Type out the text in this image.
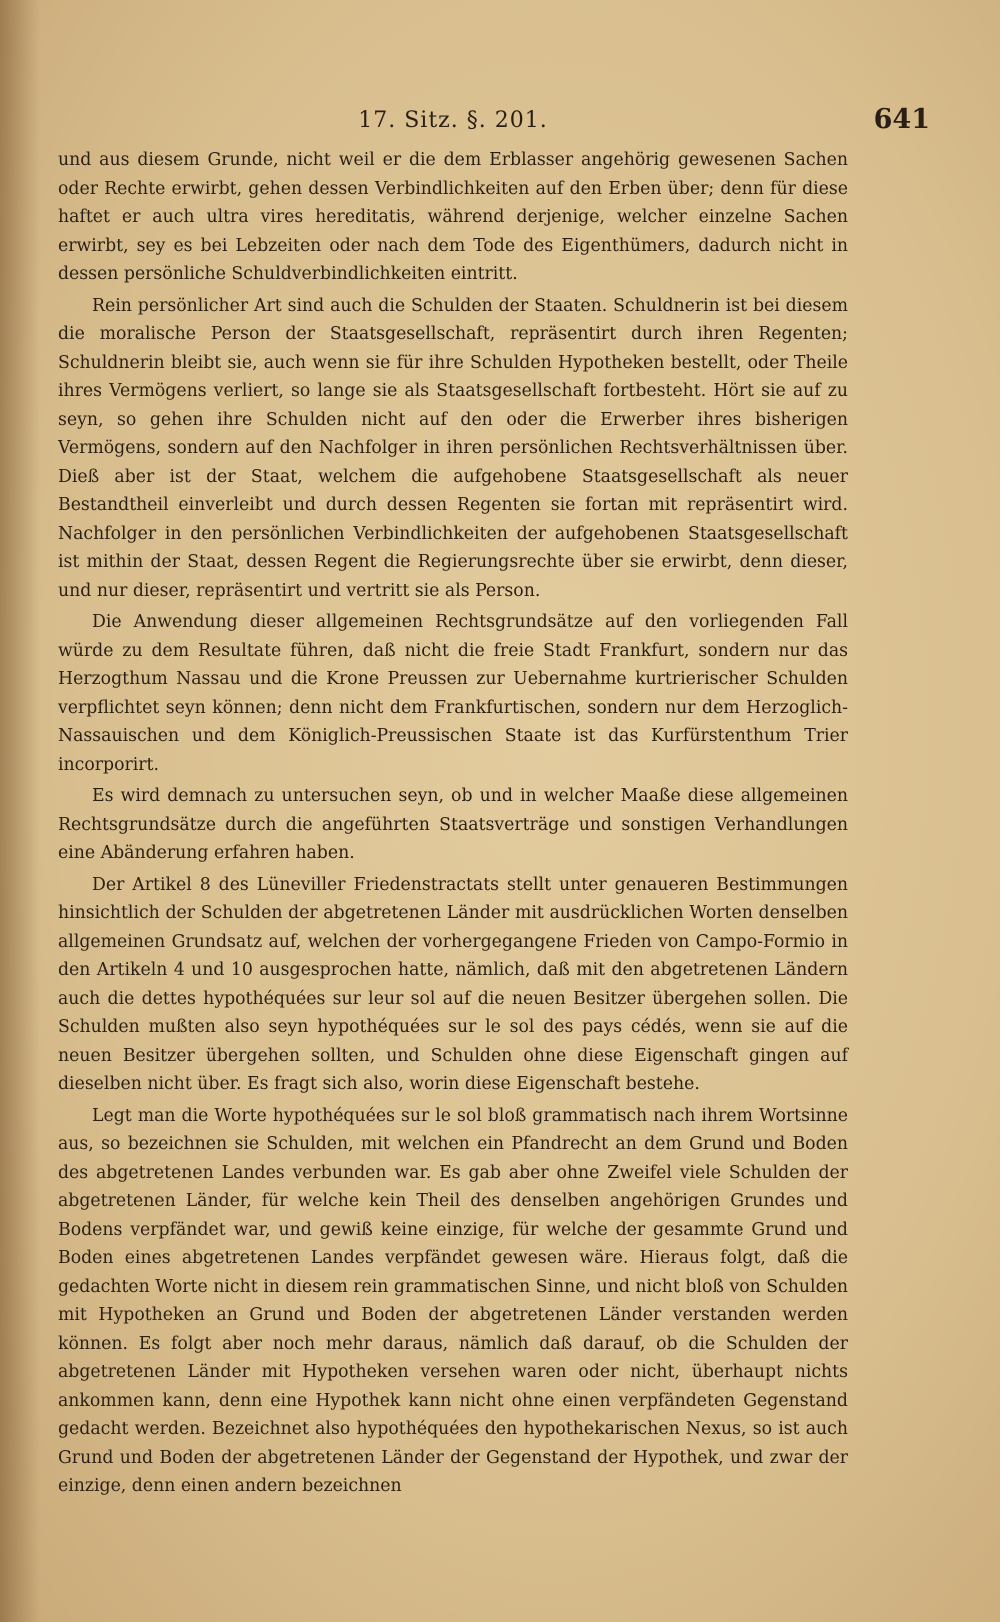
17. Sitz. §. 201.	641

und aus diesem Grunde, nicht weil er die dem Erblasser angehörig gewesenen Sachen oder Rechte erwirbt, gehen dessen Verbindlichkeiten auf den Erben über; denn für diese haftet er auch ultra vires hereditatis, während derjenige, welcher einzelne Sachen erwirbt, sey es bei Lebzeiten oder nach dem Tode des Eigenthümers, dadurch nicht in dessen persönliche Schuldverbindlichkeiten eintritt.

Rein persönlicher Art sind auch die Schulden der Staaten. Schuldnerin ist bei diesem die moralische Person der Staatsgesellschaft, repräsentirt durch ihren Regenten; Schuldnerin bleibt sie, auch wenn sie für ihre Schulden Hypotheken bestellt, oder Theile ihres Vermögens verliert, so lange sie als Staatsgesellschaft fortbesteht. Hört sie auf zu seyn, so gehen ihre Schulden nicht auf den oder die Erwerber ihres bisherigen Vermögens, sondern auf den Nachfolger in ihren persönlichen Rechtsverhältnissen über. Dieß aber ist der Staat, welchem die aufgehobene Staatsgesellschaft als neuer Bestandtheil einverleibt und durch dessen Regenten sie fortan mit repräsentirt wird. Nachfolger in den persönlichen Verbindlichkeiten der aufgehobenen Staatsgesellschaft ist mithin der Staat, dessen Regent die Regierungsrechte über sie erwirbt, denn dieser, und nur dieser, repräsentirt und vertritt sie als Person.

Die Anwendung dieser allgemeinen Rechtsgrundsätze auf den vorliegenden Fall würde zu dem Resultate führen, daß nicht die freie Stadt Frankfurt, sondern nur das Herzogthum Nassau und die Krone Preussen zur Uebernahme kurtrierischer Schulden verpflichtet seyn können; denn nicht dem Frankfurtischen, sondern nur dem Herzoglich-Nassauischen und dem Königlich-Preussischen Staate ist das Kurfürstenthum Trier incorporirt.

Es wird demnach zu untersuchen seyn, ob und in welcher Maaße diese allgemeinen Rechtsgrundsätze durch die angeführten Staatsverträge und sonstigen Verhandlungen eine Abänderung erfahren haben.

Der Artikel 8 des Lüneviller Friedenstractats stellt unter genaueren Bestimmungen hinsichtlich der Schulden der abgetretenen Länder mit ausdrücklichen Worten denselben allgemeinen Grundsatz auf, welchen der vorhergegangene Frieden von Campo-Formio in den Artikeln 4 und 10 ausgesprochen hatte, nämlich, daß mit den abgetretenen Ländern auch die dettes hypothéquées sur leur sol auf die neuen Besitzer übergehen sollen. Die Schulden mußten also seyn hypothéquées sur le sol des pays cédés, wenn sie auf die neuen Besitzer übergehen sollten, und Schulden ohne diese Eigenschaft gingen auf dieselben nicht über. Es fragt sich also, worin diese Eigenschaft bestehe.

Legt man die Worte hypothéquées sur le sol bloß grammatisch nach ihrem Wortsinne aus, so bezeichnen sie Schulden, mit welchen ein Pfandrecht an dem Grund und Boden des abgetretenen Landes verbunden war. Es gab aber ohne Zweifel viele Schulden der abgetretenen Länder, für welche kein Theil des denselben angehörigen Grundes und Bodens verpfändet war, und gewiß keine einzige, für welche der gesammte Grund und Boden eines abgetretenen Landes verpfändet gewesen wäre. Hieraus folgt, daß die gedachten Worte nicht in diesem rein grammatischen Sinne, und nicht bloß von Schulden mit Hypotheken an Grund und Boden der abgetretenen Länder verstanden werden können. Es folgt aber noch mehr daraus, nämlich daß darauf, ob die Schulden der abgetretenen Länder mit Hypotheken versehen waren oder nicht, überhaupt nichts ankommen kann, denn eine Hypothek kann nicht ohne einen verpfändeten Gegenstand gedacht werden. Bezeichnet also hypothéquées den hypothekarischen Nexus, so ist auch Grund und Boden der abgetretenen Länder der Gegenstand der Hypothek, und zwar der einzige, denn einen andern bezeichnen
